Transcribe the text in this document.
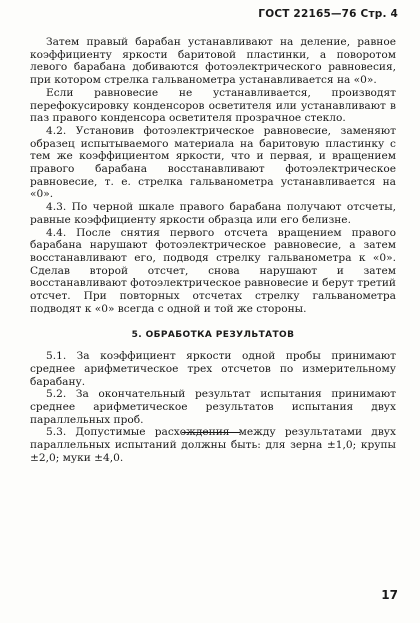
ГОСТ 22165—76 Стр. 4

Затем правый барабан устанавливают на деление, равное коэффициенту яркости баритовой пластинки, а поворотом левого барабана добиваются фотоэлектрического равновесия, при котором стрелка гальванометра устанавливается на «0».

Если равновесие не устанавливается, производят перефокусировку конденсоров осветителя или устанавливают в паз правого конденсора осветителя прозрачное стекло.

4.2. Установив фотоэлектрическое равновесие, заменяют образец испытываемого материала на баритовую пластинку с тем же коэффициентом яркости, что и первая, и вращением правого барабана восстанавливают фотоэлектрическое равновесие, т. е. стрелка гальванометра устанавливается на «0».

4.3. По черной шкале правого барабана получают отсчеты, равные коэффициенту яркости образца или его белизне.

4.4. После снятия первого отсчета вращением правого барабана нарушают фотоэлектрическое равновесие, а затем восстанавливают его, подводя стрелку гальванометра к «0». Сделав второй отсчет, снова нарушают и затем восстанавливают фотоэлектрическое равновесие и берут третий отсчет. При повторных отсчетах стрелку гальванометра подводят к «0» всегда с одной и той же стороны.

5. ОБРАБОТКА РЕЗУЛЬТАТОВ

5.1. За коэффициент яркости одной пробы принимают среднее арифметическое трех отсчетов по измерительному барабану.

5.2. За окончательный результат испытания принимают среднее арифметическое результатов испытания двух параллельных проб.

5.3. Допустимые расхождения между результатами двух параллельных испытаний должны быть: для зерна ±1,0; крупы ±2,0; муки ±4,0.

17
